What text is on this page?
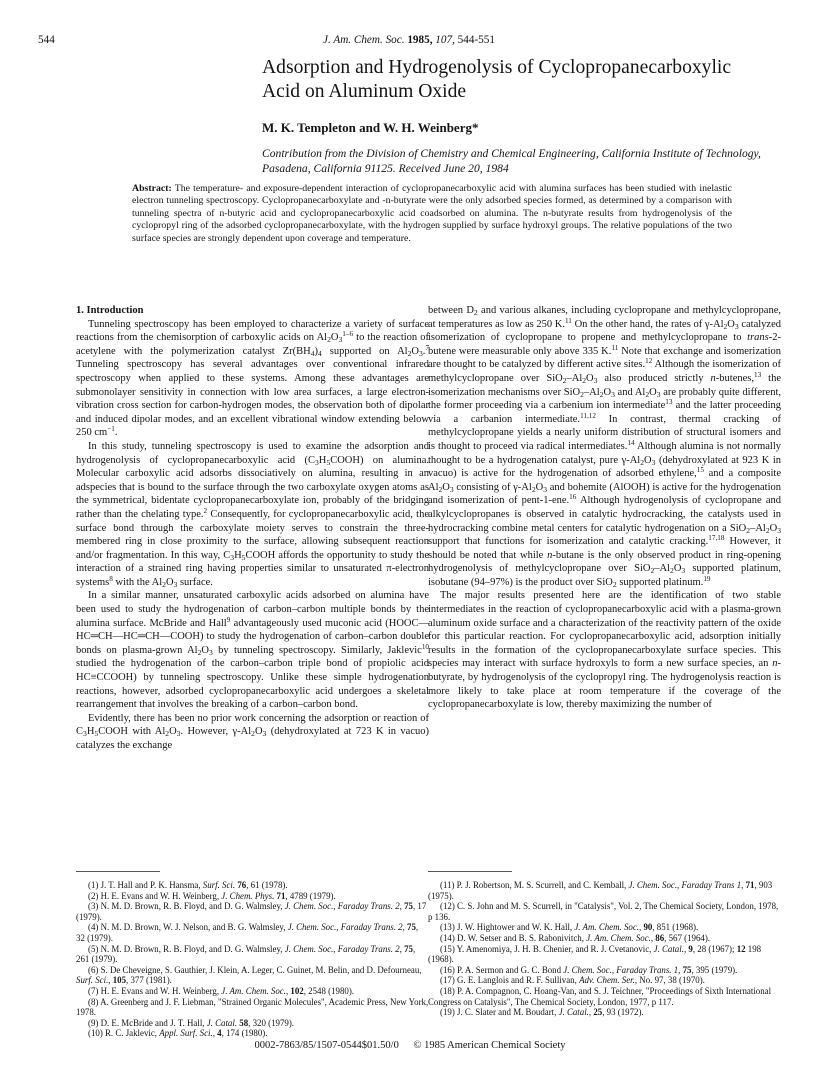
544	J. Am. Chem. Soc. 1985, 107, 544-551
Adsorption and Hydrogenolysis of Cyclopropanecarboxylic Acid on Aluminum Oxide

M. K. Templeton and W. H. Weinberg*

Contribution from the Division of Chemistry and Chemical Engineering, California Institute of Technology, Pasadena, California 91125. Received June 20, 1984

Abstract: The temperature- and exposure-dependent interaction of cyclopropanecarboxylic acid with alumina surfaces has been studied with inelastic electron tunneling spectroscopy. Cyclopropanecarboxylate and -n-butyrate were the only adsorbed species formed, as determined by a comparison with tunneling spectra of n-butyric acid and cyclopropanecarboxylic acid coadsorbed on alumina. The n-butyrate results from hydrogenolysis of the cyclopropyl ring of the adsorbed cyclopropanecarboxylate, with the hydrogen supplied by surface hydroxyl groups. The relative populations of the two surface species are strongly dependent upon coverage and temperature.

1. Introduction

Tunneling spectroscopy has been employed to characterize a variety of surface reactions from the chemisorption of carboxylic acids on $Al_2O_3^{1-6}$ to the reaction of acetylene with the polymerization catalyst $Zr(BH_4)_4$ supported on $Al_2O_3.^7$ Tunneling spectroscopy has several advantages over conventional infrared spectroscopy when applied to these systems. Among these advantages are submonolayer sensitivity in connection with low area surfaces, a large electron-vibration cross section for carbon-hydrogen modes, the observation both of dipolar and induced dipolar modes, and an excellent vibrational window extending below 250 $cm^{-1}$.

In this study, tunneling spectroscopy is used to examine the adsorption and hydrogenolysis of cyclopropanecarboxylic acid $(C_3H_5COOH)$ on alumina. Molecular carboxylic acid adsorbs dissociatively on alumina, resulting in an adspecies that is bound to the surface through the two carboxylate oxygen atoms as the symmetrical, bidentate cyclopropanecarboxylate ion, probably of the bridging rather than the chelating type.$^2$ Consequently, for cyclopropanecarboxylic acid, the surface bond through the carboxylate moiety serves to constrain the three-membered ring in close proximity to the surface, allowing subsequent reaction and/or fragmentation. In this way, $C_3H_5COOH$ affords the opportunity to study the interaction of a strained ring having properties similar to unsaturated π-electron systems$^8$ with the $Al_2O_3$ surface.

In a similar manner, unsaturated carboxylic acids adsorbed on alumina have been used to study the hydrogenation of carbon–carbon multiple bonds by the alumina surface. McBride and Hall$^9$ advantageously used muconic acid (HOOC—HC═CH—HC═CH—COOH) to study the hydrogenation of carbon–carbon double bonds on plasma-grown $Al_2O_3$ by tunneling spectroscopy. Similarly, Jaklevic$^{10}$ studied the hydrogenation of the carbon–carbon triple bond of propiolic acid HC≡CCOOH) by tunneling spectroscopy. Unlike these simple hydrogenation reactions, however, adsorbed cyclopropanecarboxylic acid undergoes a skeletal rearrangement that involves the breaking of a carbon–carbon bond.

Evidently, there has been no prior work concerning the adsorption or reaction of $C_3H_5COOH$ with $Al_2O_3$. However, $\gamma-Al_2O_3$ (dehydroxylated at 723 K in vacuo) catalyzes the exchange

between $D_2$ and various alkanes, including cyclopropane and methylcyclopropane, at temperatures as low as 250 K.$^{11}$ On the other hand, the rates of $\gamma-Al_2O_3$ catalyzed isomerization of cyclopropane to propene and methylcyclopropane to trans-2-butene were measurable only above 335 K.$^{11}$ Note that exchange and isomerization are thought to be catalyzed by different active sites.$^{12}$ Although the isomerization of methylcyclopropane over $SiO_2-Al_2O_3$ also produced strictly n-butenes,$^{13}$ the isomerization mechanisms over $SiO_2-Al_2O_3$ and $Al_2O_3$ are probably quite different, the former proceeding via a carbenium ion intermediate$^{13}$ and the latter proceeding via a carbanion intermediate.$^{11,12}$ In contrast, thermal cracking of methylcyclopropane yields a nearly uniform distribution of structural isomers and is thought to proceed via radical intermediates.$^{14}$ Although alumina is not normally thought to be a hydrogenation catalyst, pure $\gamma-Al_2O_3$ (dehydroxylated at 923 K in vacuo) is active for the hydrogenation of adsorbed ethylene,$^{15}$ and a composite $Al_2O_3$ consisting of $\gamma-Al_2O_3$ and bohemite (AlOOH) is active for the hydrogenation and isomerization of pent-1-ene.$^{16}$ Although hydrogenolysis of cyclopropane and alkylcyclopropanes is observed in catalytic hydrocracking, the catalysts used in hydrocracking combine metal centers for catalytic hydrogenation on a $SiO_2-Al_2O_3$ support that functions for isomerization and catalytic cracking.$^{17,18}$ However, it should be noted that while n-butane is the only observed product in ring-opening hydrogenolysis of methylcyclopropane over $SiO_2-Al_2O_3$ supported platinum, isobutane (94–97%) is the product over SiO$_2$ supported platinum.$^{19}$

The major results presented here are the identification of two stable intermediates in the reaction of cyclopropanecarboxylic acid with a plasma-grown aluminum oxide surface and a characterization of the reactivity pattern of the oxide for this particular reaction. For cyclopropanecarboxylic acid, adsorption initially results in the formation of the cyclopropanecarboxylate surface species. This species may interact with surface hydroxyls to form a new surface species, an n-butyrate, by hydrogenolysis of the cyclopropyl ring. The hydrogenolysis reaction is more likely to take place at room temperature if the coverage of the cyclopropanecarboxylate is low, thereby maximizing the number of

(1) J. T. Hall and P. K. Hansma, Surf. Sci. 76, 61 (1978).

(2) H. E. Evans and W. H. Weinberg, J. Chem. Phys. 71, 4789 (1979).

(3) N. M. D. Brown, R. B. Floyd, and D. G. Walmsley, J. Chem. Soc., Faraday Trans. 2, 75, 17 (1979).

(4) N. M. D. Brown, W. J. Nelson, and B. G. Walmsley, J. Chem. Soc., Faraday Trans. 2, 75, 32 (1979).

(5) N. M. D. Brown, R. B. Floyd, and D. G. Walmsley, J. Chem. Soc., Faraday Trans. 2, 75, 261 (1979).

(6) S. De Cheveigne, S. Gauthier, J. Klein, A. Leger, C. Guinet, M. Belin, and D. Defourneau, Surf. Sci., 105, 377 (1981).

(7) H. E. Evans and W. H. Weinberg, J. Am. Chem. Soc., 102, 2548 (1980).

(8) A. Greenberg and J. F. Liebman, "Strained Organic Molecules", Academic Press, New York, 1978.

(9) D. E. McBride and J. T. Hall, J. Catal. 58, 320 (1979).

(10) R. C. Jaklevic, Appl. Surf. Sci., 4, 174 (1980).

(11) P. J. Robertson, M. S. Scurrell, and C. Kemball, J. Chem. Soc., Faraday Trans 1, 71, 903 (1975).

(12) C. S. John and M. S. Scurrell, in "Catalysis", Vol. 2, The Chemical Society, London, 1978, p 136.

(13) J. W. Hightower and W. K. Hall, J. Am. Chem. Soc., 90, 851 (1968).

(14) D. W. Setser and B. S. Rabonivitch, J. Am. Chem. Soc., 86, 567 (1964).

(15) Y. Amenomiya, J. H. B. Chenier, and R. J. Cvetanovic, J. Catal., 9, 28 (1967); 12 198 (1968).

(16) P. A. Sermon and G. C. Bond J. Chem. Soc., Faraday Trans. 1, 75, 395 (1979).

(17) G. E. Langlois and R. F. Sullivan, Adv. Chem. Ser., No. 97, 38 (1970).

(18) P. A. Compagnon, C. Hoang-Van, and S. J. Teichner, "Proceedings of Sixth International Congress on Catalysis", The Chemical Society, London, 1977, p 117.

(19) J. C. Slater and M. Boudart, J. Catal., 25, 93 (1972).

0002-7863/85/1507-0544$01.50/0 © 1985 American Chemical Society
